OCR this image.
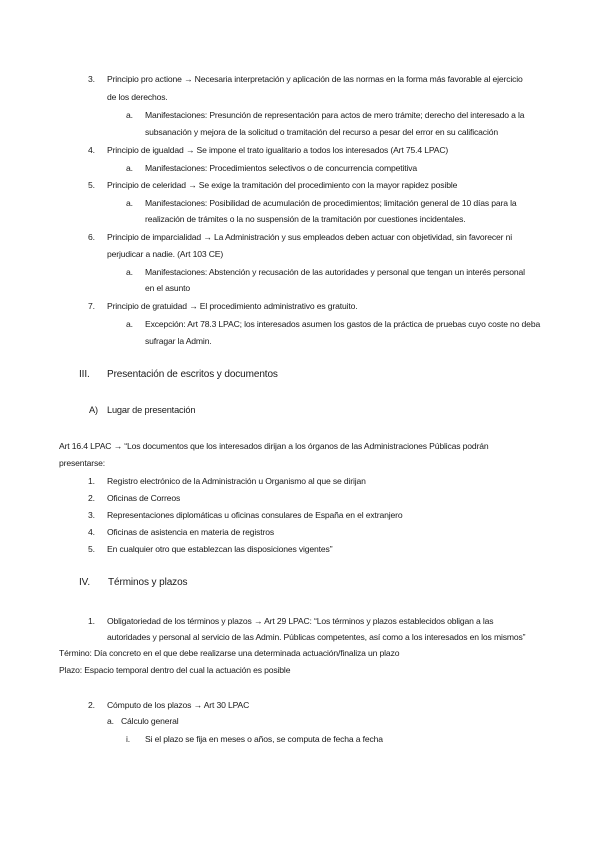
3. Principio pro actione → Necesaria interpretación y aplicación de las normas en la forma más favorable al ejercicio
de los derechos.
a. Manifestaciones: Presunción de representación para actos de mero trámite; derecho del interesado a la
subsanación y mejora de la solicitud o tramitación del recurso a pesar del error en su calificación
4. Principio de igualdad → Se impone el trato igualitario a todos los interesados (Art 75.4 LPAC)
a. Manifestaciones: Procedimientos selectivos o de concurrencia competitiva
5. Principio de celeridad → Se exige la tramitación del procedimiento con la mayor rapidez posible
a. Manifestaciones: Posibilidad de acumulación de procedimientos; limitación general de 10 días para la
realización de trámites o la no suspensión de la tramitación por cuestiones incidentales.
6. Principio de imparcialidad → La Administración y sus empleados deben actuar con objetividad, sin favorecer ni
perjudicar a nadie. (Art 103 CE)
a. Manifestaciones: Abstención y recusación de las autoridades y personal que tengan un interés personal
en el asunto
7. Principio de gratuidad → El procedimiento administrativo es gratuito.
a. Excepción: Art 78.3 LPAC; los interesados asumen los gastos de la práctica de pruebas cuyo coste no deba
sufragar la Admin.
III. Presentación de escritos y documentos
A) Lugar de presentación
Art 16.4 LPAC → “Los documentos que los interesados dirijan a los órganos de las Administraciones Públicas podrán
presentarse:
1. Registro electrónico de la Administración u Organismo al que se dirijan
2. Oficinas de Correos
3. Representaciones diplomáticas u oficinas consulares de España en el extranjero
4. Oficinas de asistencia en materia de registros
5. En cualquier otro que establezcan las disposiciones vigentes”
IV. Términos y plazos
1. Obligatoriedad de los términos y plazos → Art 29 LPAC: “Los términos y plazos establecidos obligan a las
autoridades y personal al servicio de las Admin. Públicas competentes, así como a los interesados en los mismos”
Término: Día concreto en el que debe realizarse una determinada actuación/finaliza un plazo
Plazo: Espacio temporal dentro del cual la actuación es posible
2. Cómputo de los plazos → Art 30 LPAC
a. Cálculo general
i. Si el plazo se fija en meses o años, se computa de fecha a fecha
